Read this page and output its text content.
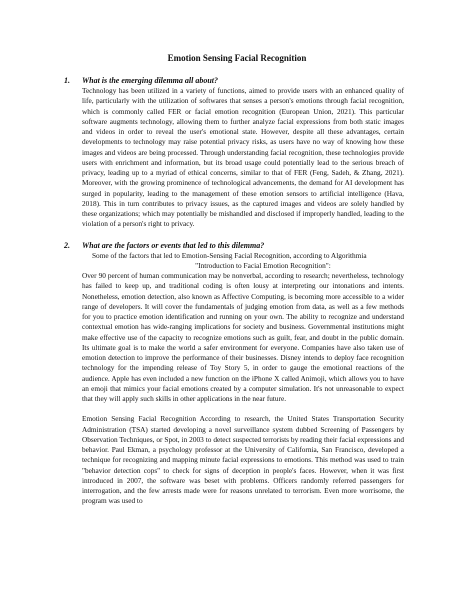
Emotion Sensing Facial Recognition
1.	What is the emerging dilemma all about?

Technology has been utilized in a variety of functions, aimed to provide users with an enhanced quality of life, particularly with the utilization of softwares that senses a person's emotions through facial recognition, which is commonly called FER or facial emotion recognition (European Union, 2021). This particular software augments technology, allowing them to further analyze facial expressions from both static images and videos in order to reveal the user's emotional state. However, despite all these advantages, certain developments to technology may raise potential privacy risks, as users have no way of knowing how these images and videos are being processed. Through understanding facial recognition, these technologies provide users with enrichment and information, but its broad usage could potentially lead to the serious breach of privacy, leading up to a myriad of ethical concerns, similar to that of FER (Feng, Sadeh, & Zhang, 2021). Moreover, with the growing prominence of technological advancements, the demand for AI development has surged in popularity, leading to the management of these emotion sensors to artificial intelligence (Hava, 2018). This in turn contributes to privacy issues, as the captured images and videos are solely handled by these organizations; which may potentially be mishandled and disclosed if improperly handled, leading to the violation of a person's right to privacy.

2.	What are the factors or events that led to this dilemma?
Some of the factors that led to Emotion-Sensing Facial Recognition, according to Algorithmia
"Introduction to Facial Emotion Recognition":

Over 90 percent of human communication may be nonverbal, according to research; nevertheless, technology has failed to keep up, and traditional coding is often lousy at interpreting our intonations and intents. Nonetheless, emotion detection, also known as Affective Computing, is becoming more accessible to a wider range of developers. It will cover the fundamentals of judging emotion from data, as well as a few methods for you to practice emotion identification and running on your own. The ability to recognize and understand contextual emotion has wide-ranging implications for society and business. Governmental institutions might make effective use of the capacity to recognize emotions such as guilt, fear, and doubt in the public domain. Its ultimate goal is to make the world a safer environment for everyone. Companies have also taken use of emotion detection to improve the performance of their businesses. Disney intends to deploy face recognition technology for the impending release of Toy Story 5, in order to gauge the emotional reactions of the audience. Apple has even included a new function on the iPhone X called Animoji, which allows you to have an emoji that mimics your facial emotions created by a computer simulation. It's not unreasonable to expect that they will apply such skills in other applications in the near future.

Emotion Sensing Facial Recognition According to research, the United States Transportation Security Administration (TSA) started developing a novel surveillance system dubbed Screening of Passengers by Observation Techniques, or Spot, in 2003 to detect suspected terrorists by reading their facial expressions and behavior. Paul Ekman, a psychology professor at the University of California, San Francisco, developed a technique for recognizing and mapping minute facial expressions to emotions. This method was used to train "behavior detection cops" to check for signs of deception in people's faces. However, when it was first introduced in 2007, the software was beset with problems. Officers randomly referred passengers for interrogation, and the few arrests made were for reasons unrelated to terrorism. Even more worrisome, the program was used to
